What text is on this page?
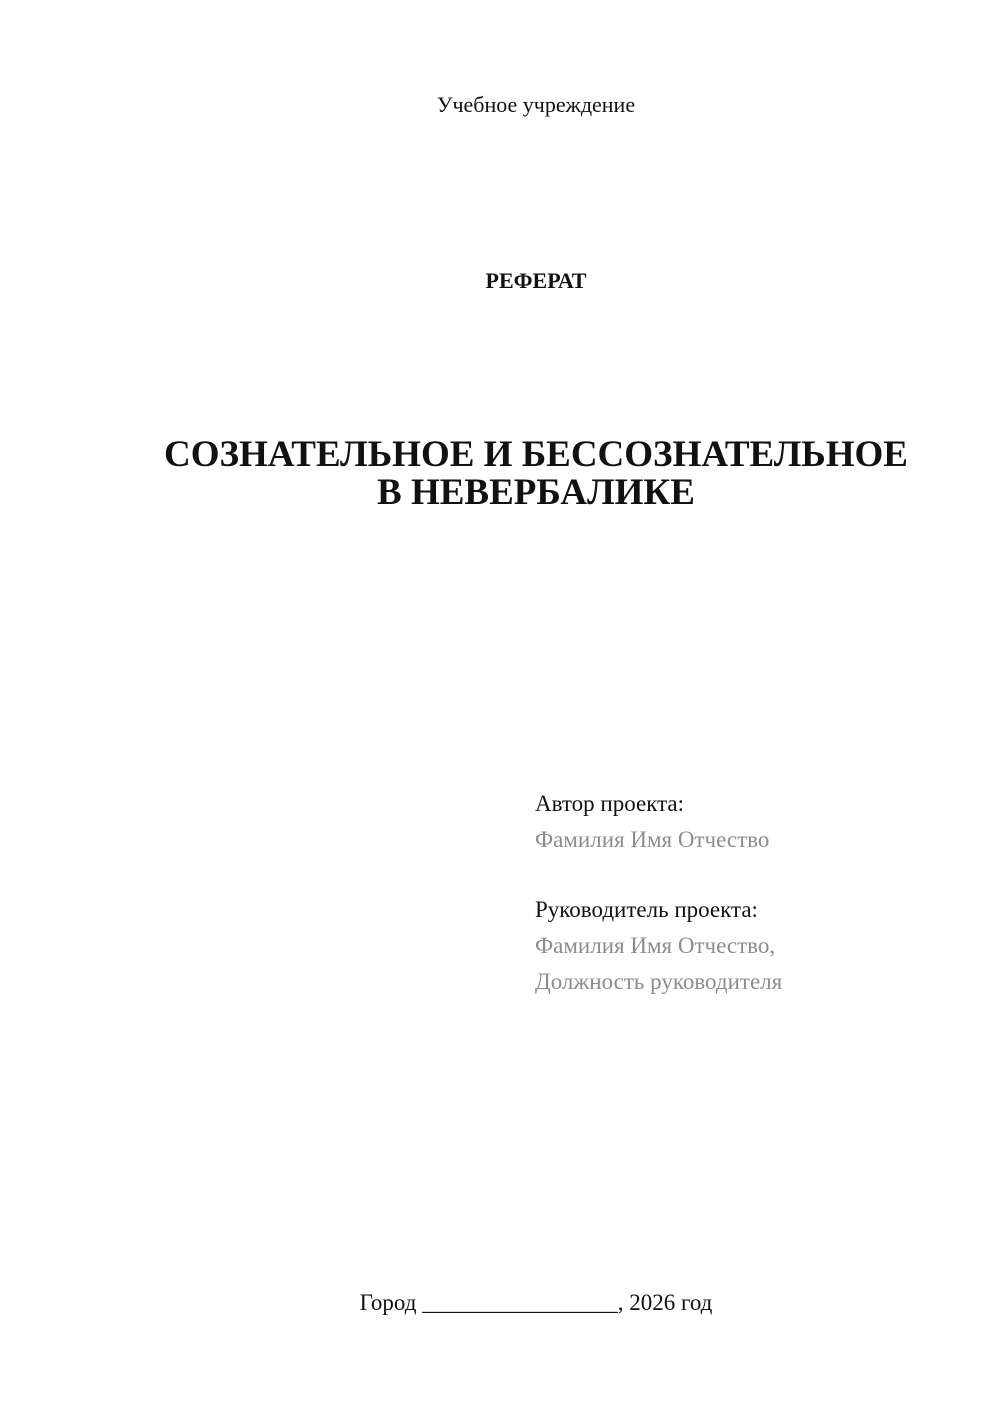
Учебное учреждение
РЕФЕРАТ
СОЗНАТЕЛЬНОЕ И БЕССОЗНАТЕЛЬНОЕ
В НЕВЕРБАЛИКЕ
Автор проекта:
Фамилия Имя Отчество
Руководитель проекта:
Фамилия Имя Отчество,
Должность руководителя
Город _________________, 2026 год
